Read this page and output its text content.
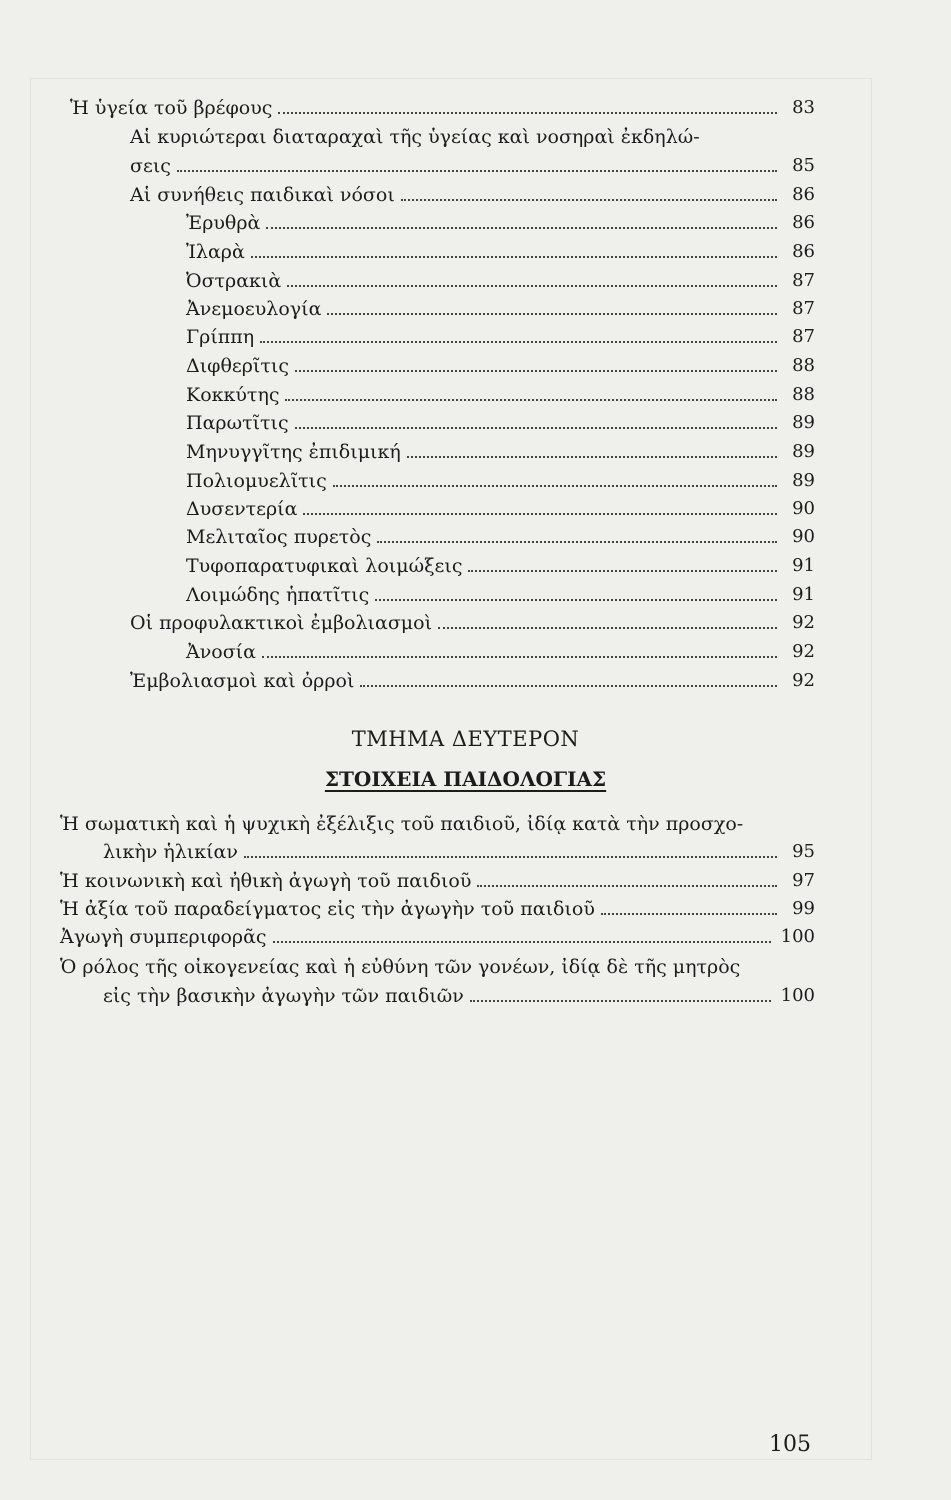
Ἡ ὑγεία τοῦ βρέφους	83
Αἱ κυριώτεραι διαταραχαὶ τῆς ὑγείας καὶ νοσηραὶ ἐκδηλώ-
σεις	85
Αἱ συνήθεις παιδικαὶ νόσοι	86
Ἐρυθρὰ	86
Ἰλαρὰ	86
Ὀστρακιὰ	87
Ἀνεμοευλογία	87
Γρίππη	87
Διφθερῖτις	88
Κοκκύτης	88
Παρωτῖτις	89
Μηνυγγῖτης ἐπιδιμική	89
Πολιομυελῖτις	89
Δυσεντερία	90
Μελιταῖος πυρετὸς	90
Τυφοπαρατυφικαὶ λοιμώξεις	91
Λοιμώδης ἡπατῖτις	91
Οἱ προφυλακτικοὶ ἐμβολιασμοὶ	92
Ἀνοσία	92
Ἐμβολιασμοὶ καὶ ὀρροὶ	92
Ἡ σωματικὴ καὶ ἡ ψυχικὴ ἐξέλιξις τοῦ παιδιοῦ, ἰδίᾳ κατὰ τὴν προσχο-
λικὴν ἡλικίαν	95
Ἡ κοινωνικὴ καὶ ἠθικὴ ἀγωγὴ τοῦ παιδιοῦ	97
Ἡ ἀξία τοῦ παραδείγματος εἰς τὴν ἀγωγὴν τοῦ παιδιοῦ	99
Ἀγωγὴ συμπεριφορᾶς	100
Ὁ ρόλος τῆς οἰκογενείας καὶ ἡ εὐθύνη τῶν γονέων, ἰδίᾳ δὲ τῆς μητρὸς
εἰς τὴν βασικὴν ἀγωγὴν τῶν παιδιῶν	100
ΤΜΗΜΑ ΔΕΥΤΕΡΟΝ
ΣΤΟΙΧΕΙΑ ΠΑΙΔΟΛΟΓΙΑΣ
105
